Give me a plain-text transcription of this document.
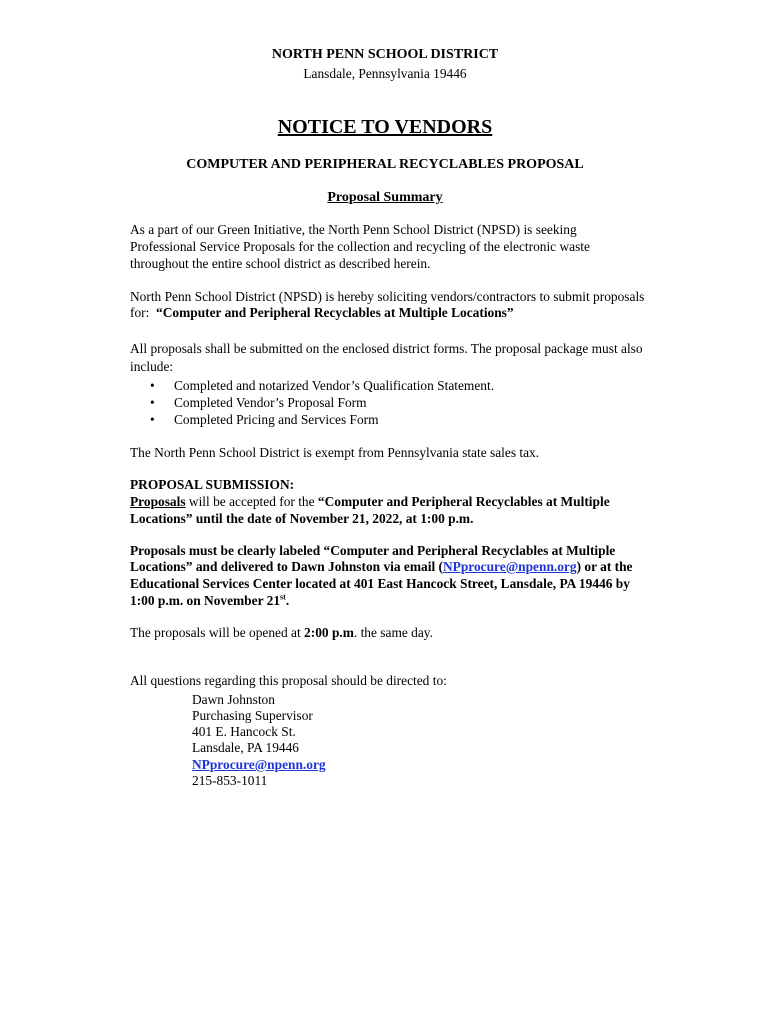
NORTH PENN SCHOOL DISTRICT
Lansdale, Pennsylvania 19446
NOTICE TO VENDORS
COMPUTER AND PERIPHERAL RECYCLABLES PROPOSAL
Proposal Summary
As a part of our Green Initiative, the North Penn School District (NPSD) is seeking
Professional Service Proposals for the collection and recycling of the electronic waste
throughout the entire school district as described herein.
North Penn School District (NPSD) is hereby soliciting vendors/contractors to submit proposals
for:  “Computer and Peripheral Recyclables at Multiple Locations”
All proposals shall be submitted on the enclosed district forms. The proposal package must also
include:
• Completed and notarized Vendor’s Qualification Statement.
• Completed Vendor’s Proposal Form
• Completed Pricing and Services Form
The North Penn School District is exempt from Pennsylvania state sales tax.
PROPOSAL SUBMISSION:
Proposals will be accepted for the “Computer and Peripheral Recyclables at Multiple
Locations” until the date of November 21, 2022, at 1:00 p.m.
Proposals must be clearly labeled “Computer and Peripheral Recyclables at Multiple
Locations” and delivered to Dawn Johnston via email (NPprocure@npenn.org) or at the
Educational Services Center located at 401 East Hancock Street, Lansdale, PA 19446 by
1:00 p.m. on November 21st.
The proposals will be opened at 2:00 p.m. the same day.
All questions regarding this proposal should be directed to:
Dawn Johnston
Purchasing Supervisor
401 E. Hancock St.
Lansdale, PA 19446
NPprocure@npenn.org
215-853-1011
